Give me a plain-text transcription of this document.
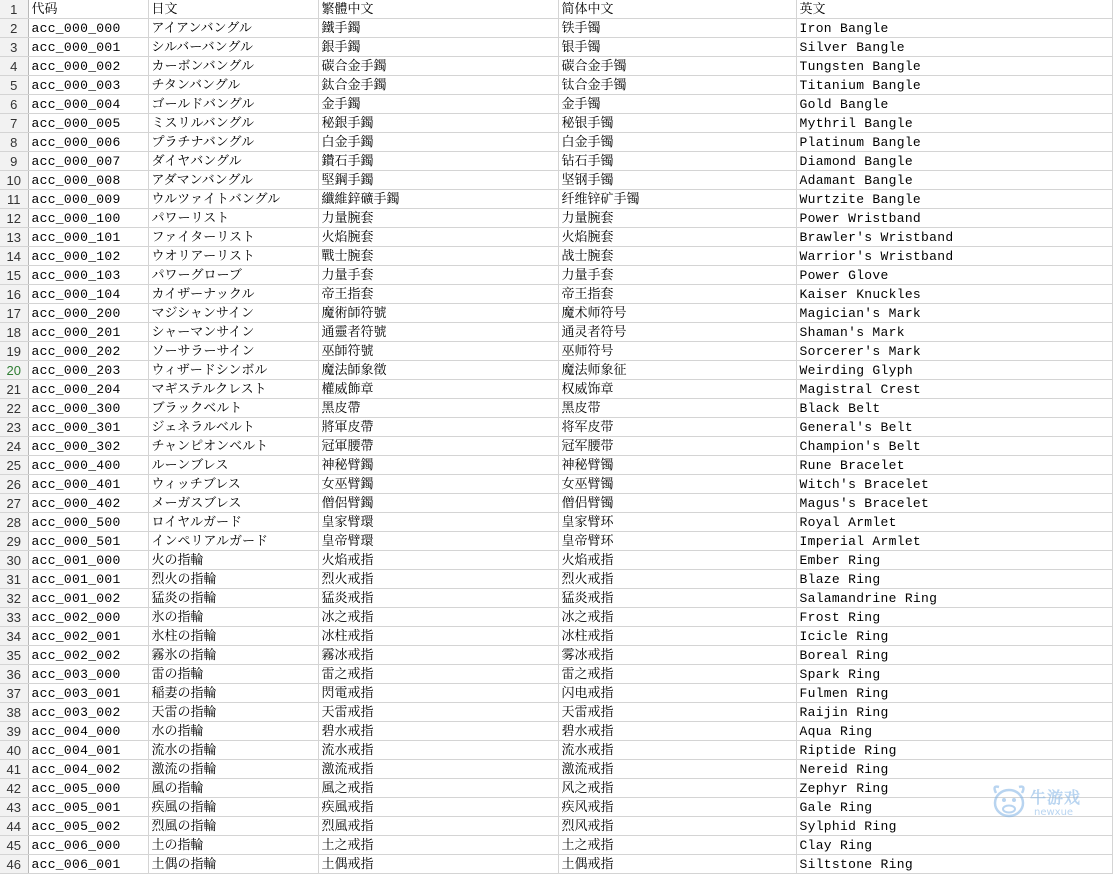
1	代码	日文	繁體中文	简体中文	英文
2	acc_000_000	アイアンバングル	鐵手鐲	铁手镯	Iron Bangle
3	acc_000_001	シルバーバングル	銀手鐲	银手镯	Silver Bangle
4	acc_000_002	カーボンバングル	碳合金手鐲	碳合金手镯	Tungsten Bangle
5	acc_000_003	チタンバングル	鈦合金手鐲	钛合金手镯	Titanium Bangle
6	acc_000_004	ゴールドバングル	金手鐲	金手镯	Gold Bangle
7	acc_000_005	ミスリルバングル	秘銀手鐲	秘银手镯	Mythril Bangle
8	acc_000_006	プラチナバングル	白金手鐲	白金手镯	Platinum Bangle
9	acc_000_007	ダイヤバングル	鑽石手鐲	钻石手镯	Diamond Bangle
10	acc_000_008	アダマンバングル	堅鋼手鐲	坚钢手镯	Adamant Bangle
11	acc_000_009	ウルツァイトバングル	纖維鋅礦手鐲	纤维锌矿手镯	Wurtzite Bangle
12	acc_000_100	パワーリスト	力量腕套	力量腕套	Power Wristband
13	acc_000_101	ファイターリスト	火焰腕套	火焰腕套	Brawler's Wristband
14	acc_000_102	ウオリアーリスト	戰士腕套	战士腕套	Warrior's Wristband
15	acc_000_103	パワーグローブ	力量手套	力量手套	Power Glove
16	acc_000_104	カイザーナックル	帝王指套	帝王指套	Kaiser Knuckles
17	acc_000_200	マジシャンサイン	魔術師符號	魔术师符号	Magician's Mark
18	acc_000_201	シャーマンサイン	通靈者符號	通灵者符号	Shaman's Mark
19	acc_000_202	ソーサラーサイン	巫師符號	巫师符号	Sorcerer's Mark
20	acc_000_203	ウィザードシンボル	魔法師象徵	魔法师象征	Weirding Glyph
21	acc_000_204	マギステルクレスト	權威飾章	权威饰章	Magistral Crest
22	acc_000_300	ブラックベルト	黑皮帶	黑皮带	Black Belt
23	acc_000_301	ジェネラルベルト	將軍皮帶	将军皮带	General's Belt
24	acc_000_302	チャンピオンベルト	冠軍腰帶	冠军腰带	Champion's Belt
25	acc_000_400	ルーンブレス	神秘臂鐲	神秘臂镯	Rune Bracelet
26	acc_000_401	ウィッチブレス	女巫臂鐲	女巫臂镯	Witch's Bracelet
27	acc_000_402	メーガスブレス	僧侶臂鐲	僧侣臂镯	Magus's Bracelet
28	acc_000_500	ロイヤルガード	皇家臂環	皇家臂环	Royal Armlet
29	acc_000_501	インペリアルガード	皇帝臂環	皇帝臂环	Imperial Armlet
30	acc_001_000	火の指輪	火焰戒指	火焰戒指	Ember Ring
31	acc_001_001	烈火の指輪	烈火戒指	烈火戒指	Blaze Ring
32	acc_001_002	猛炎の指輪	猛炎戒指	猛炎戒指	Salamandrine Ring
33	acc_002_000	氷の指輪	冰之戒指	冰之戒指	Frost Ring
34	acc_002_001	氷柱の指輪	冰柱戒指	冰柱戒指	Icicle Ring
35	acc_002_002	霧氷の指輪	霧冰戒指	雾冰戒指	Boreal Ring
36	acc_003_000	雷の指輪	雷之戒指	雷之戒指	Spark Ring
37	acc_003_001	稲妻の指輪	閃電戒指	闪电戒指	Fulmen Ring
38	acc_003_002	天雷の指輪	天雷戒指	天雷戒指	Raijin Ring
39	acc_004_000	水の指輪	碧水戒指	碧水戒指	Aqua Ring
40	acc_004_001	流水の指輪	流水戒指	流水戒指	Riptide Ring
41	acc_004_002	激流の指輪	激流戒指	激流戒指	Nereid Ring
42	acc_005_000	風の指輪	風之戒指	风之戒指	Zephyr Ring
43	acc_005_001	疾風の指輪	疾風戒指	疾风戒指	Gale Ring
44	acc_005_002	烈風の指輪	烈風戒指	烈风戒指	Sylphid Ring
45	acc_006_000	土の指輪	土之戒指	土之戒指	Clay Ring
46	acc_006_001	土偶の指輪	土偶戒指	土偶戒指	Siltstone Ring
牛游戏
newxue
